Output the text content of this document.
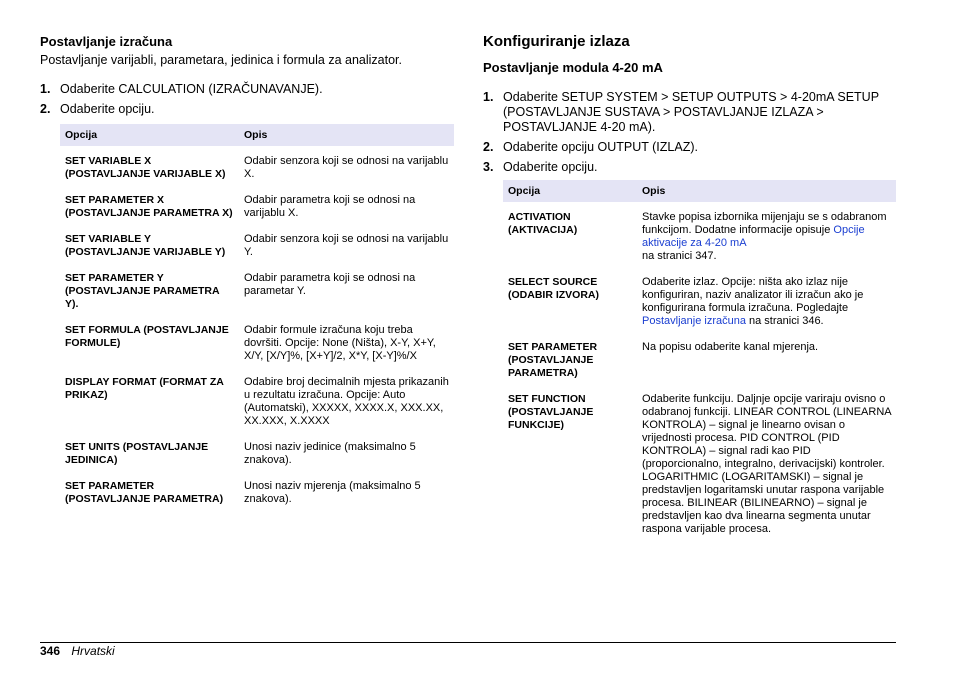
Postavljanje izračuna
Postavljanje varijabli, parametara, jedinica i formula za analizator.
1. Odaberite CALCULATION (IZRAČUNAVANJE).
2. Odaberite opciju.
Opcija	Opis
SET VARIABLE X (POSTAVLJANJE VARIJABLE X)	Odabir senzora koji se odnosi na varijablu X.
SET PARAMETER X (POSTAVLJANJE PARAMETRA X)	Odabir parametra koji se odnosi na varijablu X.
SET VARIABLE Y (POSTAVLJANJE VARIJABLE Y)	Odabir senzora koji se odnosi na varijablu Y.
SET PARAMETER Y (POSTAVLJANJE PARAMETRA Y).	Odabir parametra koji se odnosi na parametar Y.
SET FORMULA (POSTAVLJANJE FORMULE)	Odabir formule izračuna koju treba dovršiti. Opcije: None (Ništa), X-Y, X+Y, X/Y, [X/Y]%, [X+Y]/2, X*Y, [X-Y]%/X
DISPLAY FORMAT (FORMAT ZA PRIKAZ)	Odabire broj decimalnih mjesta prikazanih u rezultatu izračuna. Opcije: Auto (Automatski), XXXXX, XXXX.X, XXX.XX, XX.XXX, X.XXXX
SET UNITS (POSTAVLJANJE JEDINICA)	Unosi naziv jedinice (maksimalno 5 znakova).
SET PARAMETER (POSTAVLJANJE PARAMETRA)	Unosi naziv mjerenja (maksimalno 5 znakova).
Konfiguriranje izlaza
Postavljanje modula 4-20 mA
1. Odaberite SETUP SYSTEM > SETUP OUTPUTS > 4-20mA SETUP (POSTAVLJANJE SUSTAVA > POSTAVLJANJE IZLAZA > POSTAVLJANJE 4-20 mA).
2. Odaberite opciju OUTPUT (IZLAZ).
3. Odaberite opciju.
Opcija	Opis
ACTIVATION (AKTIVACIJA)	Stavke popisa izbornika mijenjaju se s odabranom funkcijom. Dodatne informacije opisuje Opcije aktivacije za 4-20 mA
na stranici 347.
SELECT SOURCE (ODABIR IZVORA)	Odaberite izlaz. Opcije: ništa ako izlaz nije konfiguriran, naziv analizator ili izračun ako je konfigurirana formula izračuna. Pogledajte Postavljanje izračuna na stranici 346.
SET PARAMETER (POSTAVLJANJE PARAMETRA)	Na popisu odaberite kanal mjerenja.
SET FUNCTION (POSTAVLJANJE FUNKCIJE)	Odaberite funkciju. Daljnje opcije variraju ovisno o odabranoj funkciji. LINEAR CONTROL (LINEARNA KONTROLA) – signal je linearno ovisan o vrijednosti procesa. PID CONTROL (PID KONTROLA) – signal radi kao PID (proporcionalno, integralno, derivacijski) kontroler. LOGARITHMIC (LOGARITAMSKI) – signal je predstavljen logaritamski unutar raspona varijable procesa. BILINEAR (BILINEARNO) – signal je predstavljen kao dva linearna segmenta unutar raspona varijable procesa.
346 Hrvatski
